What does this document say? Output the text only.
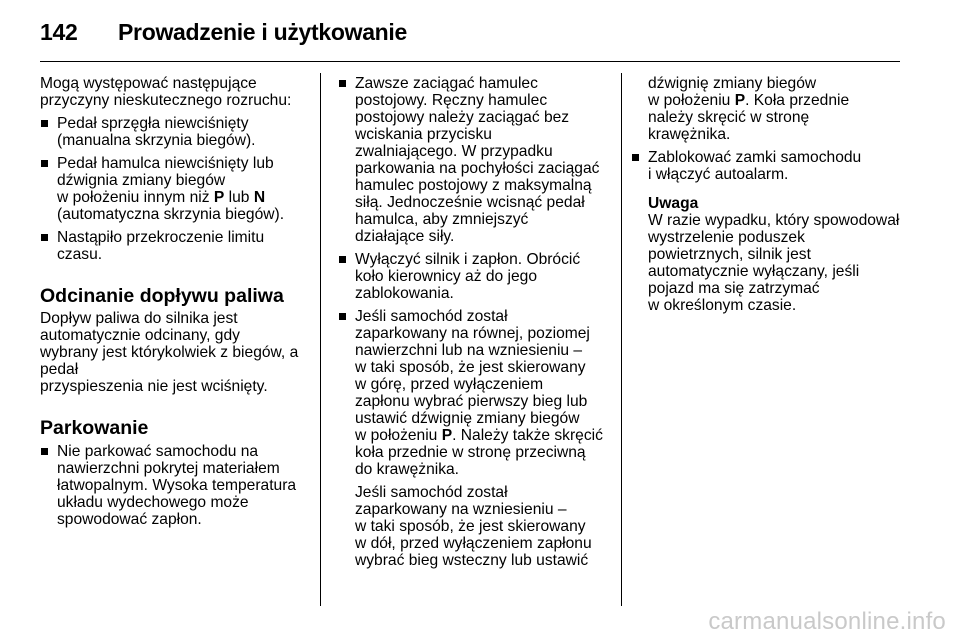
142	Prowadzenie i użytkowanie

Mogą występować następujące
przyczyny nieskutecznego rozruchu:

Pedał sprzęgła niewciśnięty
(manualna skrzynia biegów).
Pedał hamulca niewciśnięty lub
dźwignia zmiany biegów
w położeniu innym niż P lub N
(automatyczna skrzynia biegów).
Nastąpiło przekroczenie limitu
czasu.
Odcinanie dopływu paliwa

Dopływ paliwa do silnika jest
automatycznie odcinany, gdy
wybrany jest którykolwiek z biegów, a pedał
przyspieszenia nie jest wciśnięty.

Parkowanie
Nie parkować samochodu na
nawierzchni pokrytej materiałem
łatwopalnym. Wysoka temperatura
układu wydechowego może
spowodować zapłon.
Zawsze zaciągać hamulec
postojowy. Ręczny hamulec
postojowy należy zaciągać bez
wciskania przycisku
zwalniającego. W przypadku
parkowania na pochyłości zaciągać
hamulec postojowy z maksymalną
siłą. Jednocześnie wcisnąć pedał
hamulca, aby zmniejszyć
działające siły.
Wyłączyć silnik i zapłon. Obrócić
koło kierownicy aż do jego
zablokowania.
Jeśli samochód został
zaparkowany na równej, poziomej
nawierzchni lub na wzniesieniu –
w taki sposób, że jest skierowany
w górę, przed wyłączeniem
zapłonu wybrać pierwszy bieg lub
ustawić dźwignię zmiany biegów
w położeniu P. Należy także skręcić
koła przednie w stronę przeciwną
do krawężnika.

Jeśli samochód został
zaparkowany na wzniesieniu –
w taki sposób, że jest skierowany
w dół, przed wyłączeniem zapłonu
wybrać bieg wsteczny lub ustawić

dźwignię zmiany biegów
w położeniu P. Koła przednie
należy skręcić w stronę
krawężnika.

Zablokować zamki samochodu
i włączyć autoalarm.

Uwaga

W razie wypadku, który spowodował
wystrzelenie poduszek
powietrznych, silnik jest
automatycznie wyłączany, jeśli
pojazd ma się zatrzymać
w określonym czasie.

carmanualsonline.info
